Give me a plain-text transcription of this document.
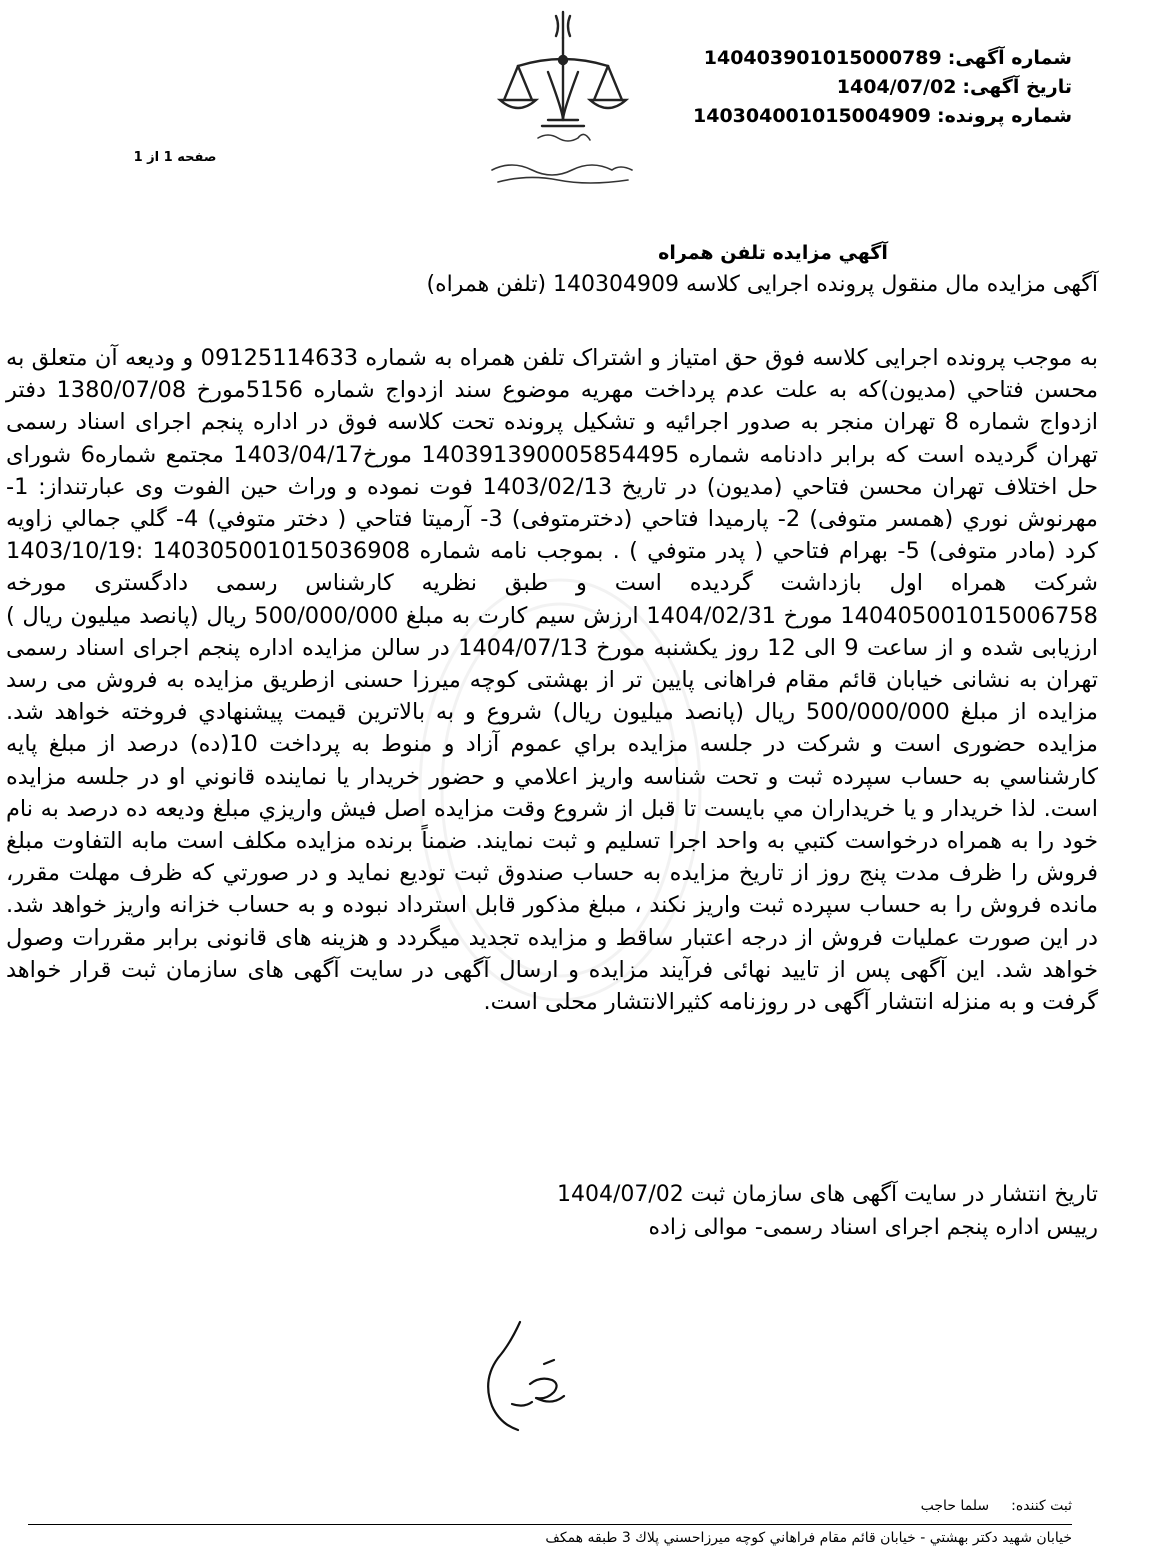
شماره آگهی:140403901015000789
تاریخ آگهی:1404/07/02
شماره پرونده:140304001015004909
صفحه 1 از 1
آگهي مزايده تلفن همراه
آگهی مزایده مال منقول پرونده اجرایی کلاسه 140304909 (تلفن همراه)

به موجب پرونده اجرایی کلاسه فوق حق امتیاز و اشتراک تلفن همراه به شماره 09125114633 و ودیعه آن متعلق به محسن فتاحي (مديون)كه به علت عدم پرداخت مهریه موضوع سند ازدواج شماره 5156مورخ 1380/07/08 دفتر ازدواج شماره 8 تهران منجر به صدور اجرائیه و تشکیل پرونده تحت کلاسه فوق در اداره پنجم اجرای اسناد رسمی تهران گردیده است که برابر دادنامه شماره 140391390005854495 مورخ1403/04/17 مجتمع شماره6 شورای حل اختلاف تهران محسن فتاحي (مديون) در تاريخ 1403/02/13 فوت نموده و وراث حین الفوت وی عبارتنداز: 1- مهرنوش نوري (همسر متوفی) 2- پارميدا فتاحي (دخترمتوفی) 3- آرميتا فتاحي ( دختر متوفي) 4- گلي جمالي زاويه كرد (مادر متوفی) 5- بهرام فتاحي ( پدر متوفي ) . بموجب نامه شماره 140305001015036908 :1403/10/19 شرکت همراه اول بازداشت گردیده است و طبق نظریه کارشناس رسمی دادگستری مورخه 140405001015006758 مورخ 1404/02/31 ارزش سیم کارت به مبلغ 500/000/000 ریال (پانصد میلیون ریال ) ارزیابی شده و از ساعت 9 الی 12 روز یکشنبه مورخ 1404/07/13 در سالن مزایده اداره پنجم اجرای اسناد رسمی تهران به نشانی خیابان قائم مقام فراهانی پایین تر از بهشتی کوچه میرزا حسنی ازطریق مزایده به فروش می رسد مزایده از مبلغ 500/000/000 ریال (پانصد میلیون ریال) شروع و به بالاترين قيمت پيشنهادي فروخته خواهد شد. مزایده حضوری است و شركت در جلسه مزايده براي عموم آزاد و منوط به پرداخت 10(ده) درصد از مبلغ پايه كارشناسي به حساب سپرده ثبت و تحت شناسه واريز اعلامي و حضور خريدار يا نماينده قانوني او در جلسه مزايده است. لذا خريدار و يا خريداران مي بايست تا قبل از شروع وقت مزايده اصل فيش واريزي مبلغ وديعه ده درصد به نام خود را به همراه درخواست كتبي به واحد اجرا تسليم و ثبت نمايند. ضمناً برنده مزايده مكلف است مابه التفاوت مبلغ فروش را ظرف مدت پنج روز از تاريخ مزايده به حساب صندوق ثبت توديع نمايد و در صورتي كه ظرف مهلت مقرر، مانده فروش را به حساب سپرده ثبت واريز نكند ، مبلغ مذكور قابل استرداد نبوده و به حساب خزانه واريز خواهد شد. در این صورت عملیات فروش از درجه اعتبار ساقط و مزایده تجدید میگردد و هزینه های قانونی برابر مقررات وصول خواهد شد. این آگهی پس از تایید نهائی فرآیند مزایده و ارسال آگهی در سایت آگهی های سازمان ثبت قرار خواهد گرفت و به منزله انتشار آگهی در روزنامه کثیرالانتشار محلی است.

تاریخ انتشار در سایت آگهی های سازمان ثبت 1404/07/02
رییس اداره پنجم اجرای اسناد رسمی- موالی زاده
ثبت کننده:سلما حاجب
خيابان شهيد دكتر بهشتي - خيابان قائم مقام فراهاني كوچه ميرزاحسني پلاك 3 طبقه همكف
